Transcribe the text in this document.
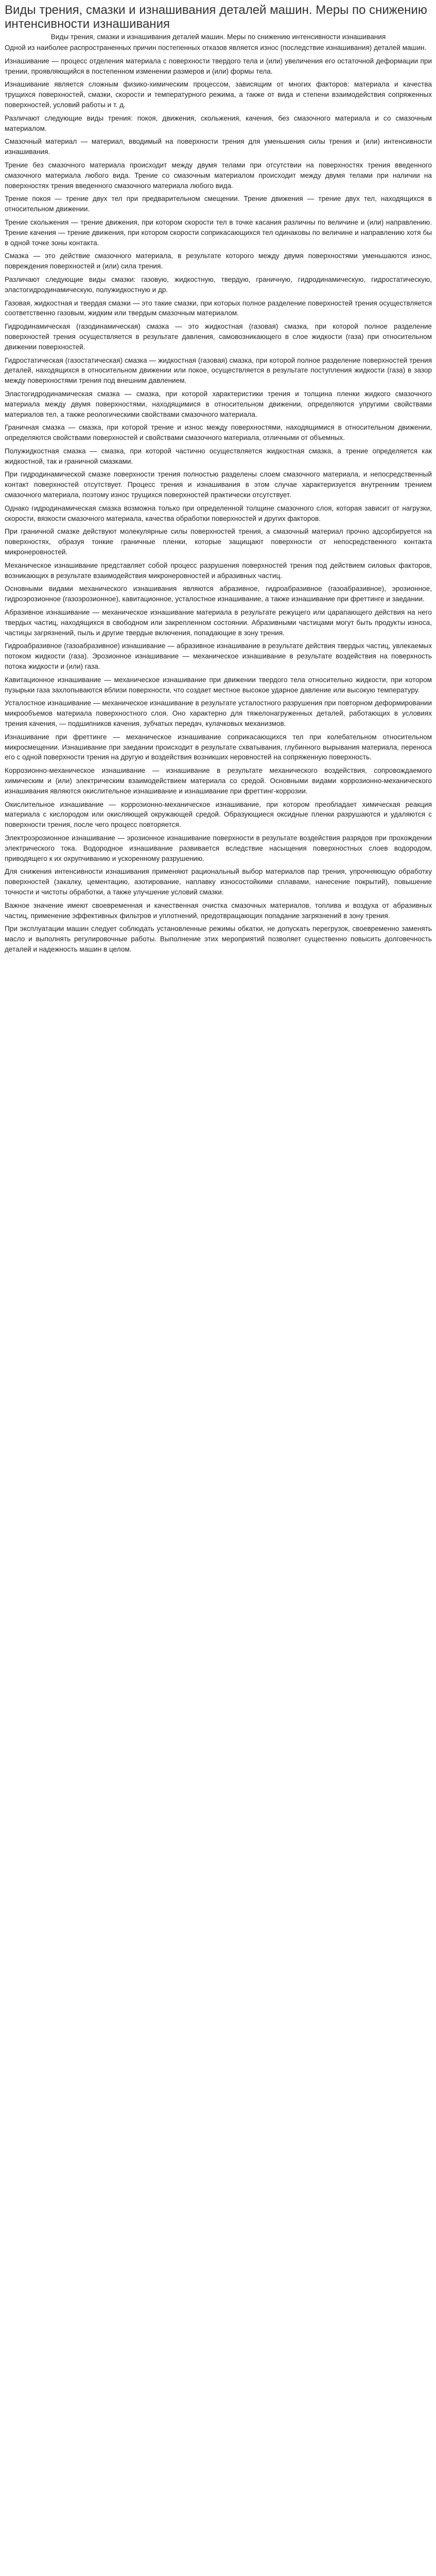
Виды трения, смазки и изнашивания деталей машин. Меры по снижению интенсивности изнашивания
Виды трения, смазки и изнашивания деталей машин. Меры по снижению интенсивности изнашивания

Одной из наиболее распространенных причин постепенных отказов является износ (последствие изнашивания) деталей машин.

Изнашивание — процесс отделения материала с поверхности твердого тела и (или) увеличения его остаточной деформации при трении, проявляющийся в постепенном изменении размеров и (или) формы тела.

Изнашивание является сложным физико-химическим процессом, зависящим от многих факторов: материала и качества трущихся поверхностей, смазки, скорости и температурного режима, а также от вида и степени взаимодействия сопряженных поверхностей, условий работы и т. д.

Различают следующие виды трения: покоя, движения, скольжения, качения, без смазочного материала и со смазочным материалом.

Смазочный материал — материал, вводимый на поверхности трения для уменьшения силы трения и (или) интенсивности изнашивания.

Трение без смазочного материала происходит между двумя телами при отсутствии на поверхностях трения введенного смазочного материала любого вида. Трение со смазочным материалом происходит между двумя телами при наличии на поверхностях трения введенного смазочного материала любого вида.

Трение покоя — трение двух тел при предварительном смещении. Трение движения — трение двух тел, находящихся в относительном движении.

Трение скольжения — трение движения, при котором скорости тел в точке касания различны по величине и (или) направлению. Трение качения — трение движения, при котором скорости соприкасающихся тел одинаковы по величине и направлению хотя бы в одной точке зоны контакта.

Смазка — это действие смазочного материала, в результате которого между двумя поверхностями уменьшаются износ, повреждения поверхностей и (или) сила трения.

Различают следующие виды смазки: газовую, жидкостную, твердую, граничную, гидродинамическую, гидростатическую, эластогидродинамическую, полужидкостную и др.

Газовая, жидкостная и твердая смазки — это такие смазки, при которых полное разделение поверхностей трения осуществляется соответственно газовым, жидким или твердым смазочным материалом.

Гидродинамическая (газодинамическая) смазка — это жидкостная (газовая) смазка, при которой полное разделение поверхностей трения осуществляется в результате давления, самовозникающего в слое жидкости (газа) при относительном движении поверхностей.

Гидростатическая (газостатическая) смазка — жидкостная (газовая) смазка, при которой полное разделение поверхностей трения деталей, находящихся в относительном движении или покое, осуществляется в результате поступления жидкости (газа) в зазор между поверхностями трения под внешним давлением.

Эластогидродинамическая смазка — смазка, при которой характеристики трения и толщина пленки жидкого смазочного материала между двумя поверхностями, находящимися в относительном движении, определяются упругими свойствами материалов тел, а также реологическими свойствами смазочного материала.

Граничная смазка — смазка, при которой трение и износ между поверхностями, находящимися в относительном движении, определяются свойствами поверхностей и свойствами смазочного материала, отличными от объемных.

Полужидкостная смазка — смазка, при которой частично осуществляется жидкостная смазка, а трение определяется как жидкостной, так и граничной смазками.

При гидродинамической смазке поверхности трения полностью разделены слоем смазочного материала, и непосредственный контакт поверхностей отсутствует. Процесс трения и изнашивания в этом случае характеризуется внутренним трением смазочного материала, поэтому износ трущихся поверхностей практически отсутствует.

Однако гидродинамическая смазка возможна только при определенной толщине смазочного слоя, которая зависит от нагрузки, скорости, вязкости смазочного материала, качества обработки поверхностей и других факторов.

При граничной смазке действуют молекулярные силы поверхностей трения, а смазочный материал прочно адсорбируется на поверхностях, образуя тонкие граничные пленки, которые защищают поверхности от непосредственного контакта микронеровностей.

Механическое изнашивание представляет собой процесс разрушения поверхностей трения под действием силовых факторов, возникающих в результате взаимодействия микронеровностей и абразивных частиц.

Основными видами механического изнашивания являются абразивное, гидроабразивное (газоабразивное), эрозионное, гидроэрозионное (газоэрозионное), кавитационное, усталостное изнашивание, а также изнашивание при фреттинге и заедании.

Абразивное изнашивание — механическое изнашивание материала в результате режущего или царапающего действия на него твердых частиц, находящихся в свободном или закрепленном состоянии. Абразивными частицами могут быть продукты износа, частицы загрязнений, пыль и другие твердые включения, попадающие в зону трения.

Гидроабразивное (газоабразивное) изнашивание — абразивное изнашивание в результате действия твердых частиц, увлекаемых потоком жидкости (газа). Эрозионное изнашивание — механическое изнашивание в результате воздействия на поверхность потока жидкости и (или) газа.

Кавитационное изнашивание — механическое изнашивание при движении твердого тела относительно жидкости, при котором пузырьки газа захлопываются вблизи поверхности, что создает местное высокое ударное давление или высокую температуру.

Усталостное изнашивание — механическое изнашивание в результате усталостного разрушения при повторном деформировании микрообъемов материала поверхностного слоя. Оно характерно для тяжелонагруженных деталей, работающих в условиях трения качения, — подшипников качения, зубчатых передач, кулачковых механизмов.

Изнашивание при фреттинге — механическое изнашивание соприкасающихся тел при колебательном относительном микросмещении. Изнашивание при заедании происходит в результате схватывания, глубинного вырывания материала, переноса его с одной поверхности трения на другую и воздействия возникших неровностей на сопряженную поверхность.

Коррозионно-механическое изнашивание — изнашивание в результате механического воздействия, сопровождаемого химическим и (или) электрическим взаимодействием материала со средой. Основными видами коррозионно-механического изнашивания являются окислительное изнашивание и изнашивание при фреттинг-коррозии.

Окислительное изнашивание — коррозионно-механическое изнашивание, при котором преобладает химическая реакция материала с кислородом или окисляющей окружающей средой. Образующиеся оксидные пленки разрушаются и удаляются с поверхности трения, после чего процесс повторяется.

Электроэрозионное изнашивание — эрозионное изнашивание поверхности в результате воздействия разрядов при прохождении электрического тока. Водородное изнашивание развивается вследствие насыщения поверхностных слоев водородом, приводящего к их охрупчиванию и ускоренному разрушению.

Для снижения интенсивности изнашивания применяют рациональный выбор материалов пар трения, упрочняющую обработку поверхностей (закалку, цементацию, азотирование, наплавку износостойкими сплавами, нанесение покрытий), повышение точности и чистоты обработки, а также улучшение условий смазки.

Важное значение имеют своевременная и качественная очистка смазочных материалов, топлива и воздуха от абразивных частиц, применение эффективных фильтров и уплотнений, предотвращающих попадание загрязнений в зону трения.

При эксплуатации машин следует соблюдать установленные режимы обкатки, не допускать перегрузок, своевременно заменять масло и выполнять регулировочные работы. Выполнение этих мероприятий позволяет существенно повысить долговечность деталей и надежность машин в целом.
